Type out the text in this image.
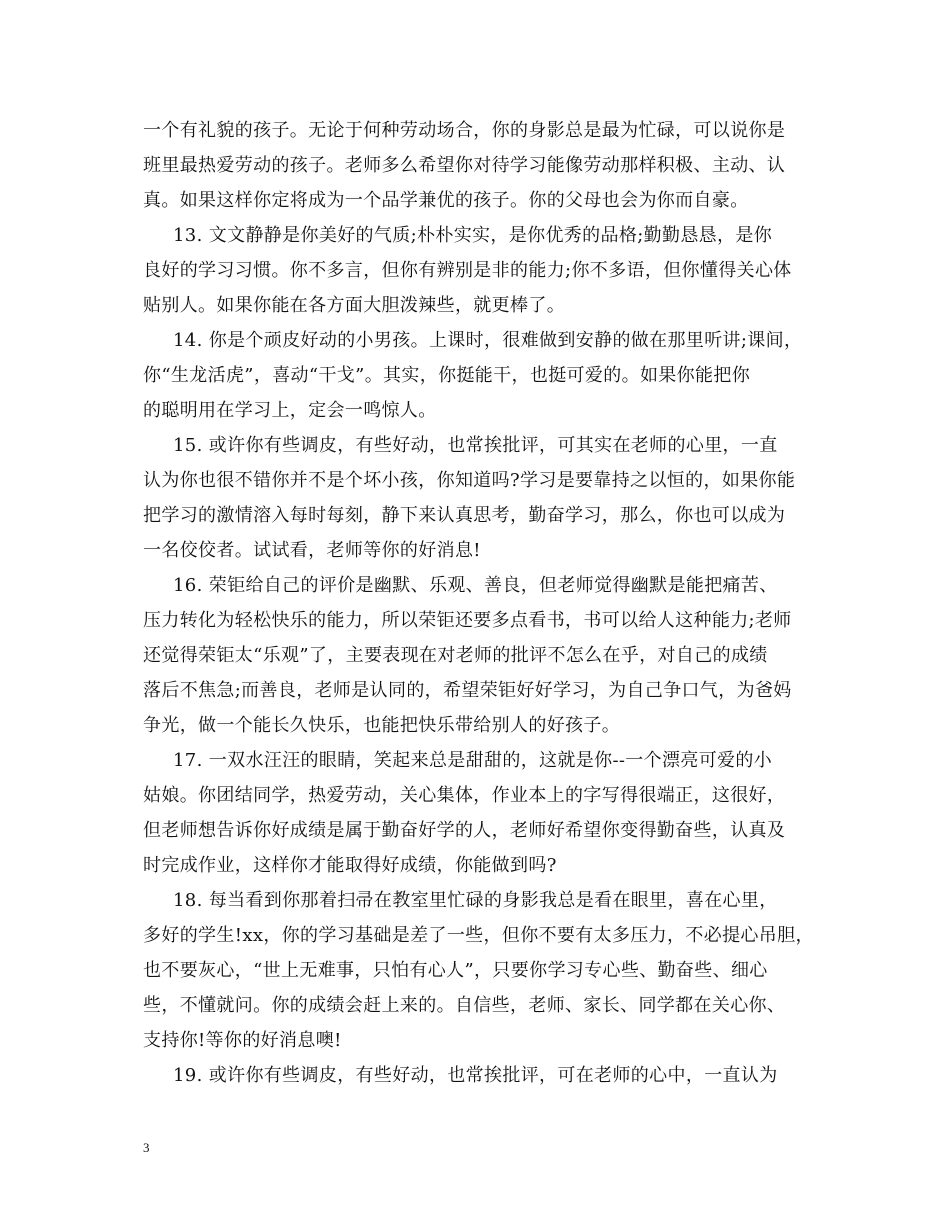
一个有礼貌的孩子。无论于何种劳动场合，你的身影总是最为忙碌，可以说你是
班里最热爱劳动的孩子。老师多么希望你对待学习能像劳动那样积极、主动、认
真。如果这样你定将成为一个品学兼优的孩子。你的父母也会为你而自豪。
13. 文文静静是你美好的气质;朴朴实实，是你优秀的品格;勤勤恳恳，是你
良好的学习习惯。你不多言，但你有辨别是非的能力;你不多语，但你懂得关心体
贴别人。如果你能在各方面大胆泼辣些，就更棒了。
14. 你是个顽皮好动的小男孩。上课时，很难做到安静的做在那里听讲;课间，
你“生龙活虎”，喜动“干戈”。其实，你挺能干，也挺可爱的。如果你能把你
的聪明用在学习上，定会一鸣惊人。
15. 或许你有些调皮，有些好动，也常挨批评，可其实在老师的心里，一直
认为你也很不错你并不是个坏小孩，你知道吗?学习是要靠持之以恒的，如果你能
把学习的激情溶入每时每刻，静下来认真思考，勤奋学习，那么，你也可以成为
一名佼佼者。试试看，老师等你的好消息!
16. 荣钜给自己的评价是幽默、乐观、善良，但老师觉得幽默是能把痛苦、
压力转化为轻松快乐的能力，所以荣钜还要多点看书，书可以给人这种能力;老师
还觉得荣钜太“乐观”了，主要表现在对老师的批评不怎么在乎，对自己的成绩
落后不焦急;而善良，老师是认同的，希望荣钜好好学习，为自己争口气，为爸妈
争光，做一个能长久快乐，也能把快乐带给别人的好孩子。
17. 一双水汪汪的眼睛，笑起来总是甜甜的，这就是你--一个漂亮可爱的小
姑娘。你团结同学，热爱劳动，关心集体，作业本上的字写得很端正，这很好，
但老师想告诉你好成绩是属于勤奋好学的人，老师好希望你变得勤奋些，认真及
时完成作业，这样你才能取得好成绩，你能做到吗?
18. 每当看到你那着扫帚在教室里忙碌的身影我总是看在眼里，喜在心里，
多好的学生!xx，你的学习基础是差了一些，但你不要有太多压力，不必提心吊胆，
也不要灰心，“世上无难事，只怕有心人”，只要你学习专心些、勤奋些、细心
些，不懂就问。你的成绩会赶上来的。自信些，老师、家长、同学都在关心你、
支持你!等你的好消息噢!
19. 或许你有些调皮，有些好动，也常挨批评，可在老师的心中，一直认为
3
